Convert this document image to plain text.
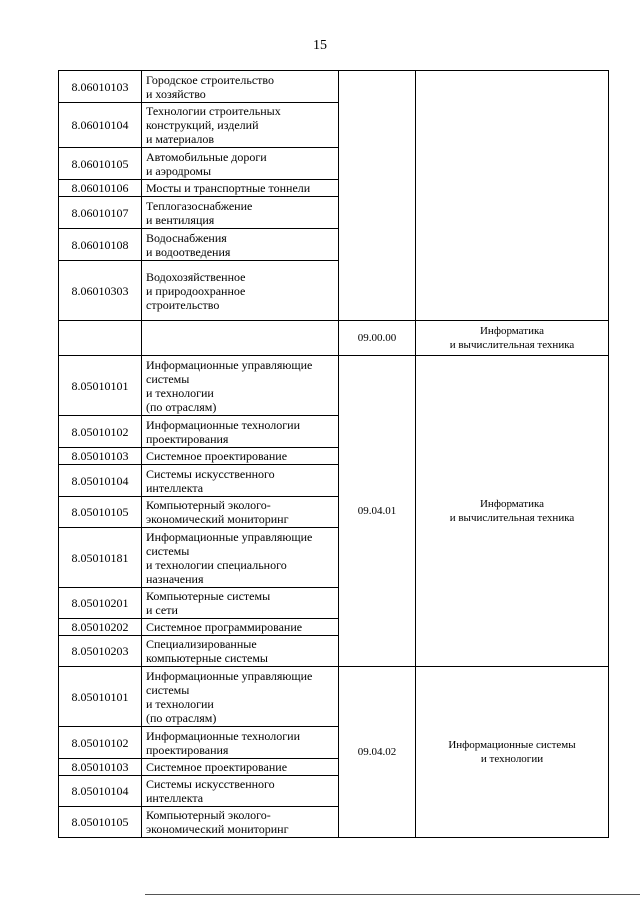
15
8.06010103	Городское строительство
и хозяйство		
8.06010104	Технологии строительных
конструкций, изделий
и материалов		
8.06010105	Автомобильные дороги
и аэродромы		
8.06010106	Мосты и транспортные тоннели		
8.06010107	Теплогазоснабжение
и вентиляция		
8.06010108	Водоснабжения
и водоотведения		
8.06010303	Водохозяйственное
и природоохранное
строительство		
		09.00.00	Информатика
и вычислительная техника
8.05010101	Информационные управляющие
системы
и технологии
(по отраслям)	09.04.01	Информатика
и вычислительная техника
8.05010102	Информационные технологии
проектирования		
8.05010103	Системное проектирование		
8.05010104	Системы искусственного
интеллекта		
8.05010105	Компьютерный эколого-
экономический мониторинг		
8.05010181	Информационные управляющие
системы
и технологии специального
назначения		
8.05010201	Компьютерные системы
и сети		
8.05010202	Системное программирование		
8.05010203	Специализированные
компьютерные системы		
8.05010101	Информационные управляющие
системы
и технологии
(по отраслям)	09.04.02	Информационные системы
и технологии
8.05010102	Информационные технологии
проектирования		
8.05010103	Системное проектирование		
8.05010104	Системы искусственного
интеллекта		
8.05010105	Компьютерный эколого-
экономический мониторинг		
